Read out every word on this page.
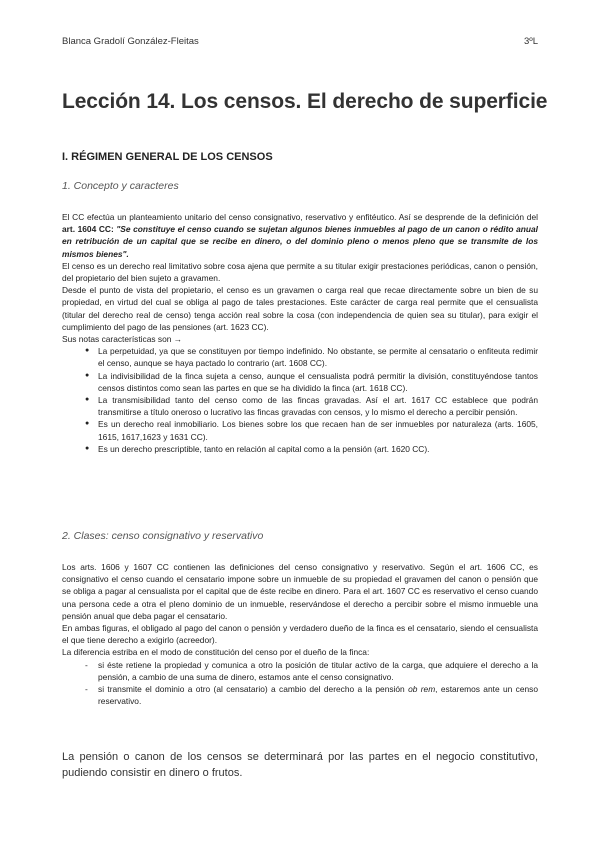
Blanca Gradolí González-Fleitas	3ºL
Lección 14. Los censos. El derecho de superficie
I. RÉGIMEN GENERAL DE LOS CENSOS
1. Concepto y caracteres

El CC efectúa un planteamiento unitario del censo consignativo, reservativo y enfitéutico. Así se desprende de la definición del art. 1604 CC: "Se constituye el censo cuando se sujetan algunos bienes inmuebles al pago de un canon o rédito anual en retribución de un capital que se recibe en dinero, o del dominio pleno o menos pleno que se transmite de los mismos bienes".

El censo es un derecho real limitativo sobre cosa ajena que permite a su titular exigir prestaciones periódicas, canon o pensión, del propietario del bien sujeto a gravamen.

Desde el punto de vista del propietario, el censo es un gravamen o carga real que recae directamente sobre un bien de su propiedad, en virtud del cual se obliga al pago de tales prestaciones. Este carácter de carga real permite que el censualista (titular del derecho real de censo) tenga acción real sobre la cosa (con independencia de quien sea su titular), para exigir el cumplimiento del pago de las pensiones (art. 1623 CC).

Sus notas características son →

● La perpetuidad, ya que se constituyen por tiempo indefinido. No obstante, se permite al censatario o enfiteuta redimir el censo, aunque se haya pactado lo contrario (art. 1608 CC).
● La indivisibilidad de la finca sujeta a censo, aunque el censualista podrá permitir la división, constituyéndose tantos censos distintos como sean las partes en que se ha dividido la finca (art. 1618 CC).
● La transmisibilidad tanto del censo como de las fincas gravadas. Así el art. 1617 CC establece que podrán transmitirse a título oneroso o lucrativo las fincas gravadas con censos, y lo mismo el derecho a percibir pensión.
● Es un derecho real inmobiliario. Los bienes sobre los que recaen han de ser inmuebles por naturaleza (arts. 1605, 1615, 1617,1623 y 1631 CC).
● Es un derecho prescriptible, tanto en relación al capital como a la pensión (art. 1620 CC).
2. Clases: censo consignativo y reservativo

Los arts. 1606 y 1607 CC contienen las definiciones del censo consignativo y reservativo. Según el art. 1606 CC, es consignativo el censo cuando el censatario impone sobre un inmueble de su propiedad el gravamen del canon o pensión que se obliga a pagar al censualista por el capital que de éste recibe en dinero. Para el art. 1607 CC es reservativo el censo cuando una persona cede a otra el pleno dominio de un inmueble, reservándose el derecho a percibir sobre el mismo inmueble una pensión anual que deba pagar el censatario.

En ambas figuras, el obligado al pago del canon o pensión y verdadero dueño de la finca es el censatario, siendo el censualista el que tiene derecho a exigirlo (acreedor).

La diferencia estriba en el modo de constitución del censo por el dueño de la finca:

- si éste retiene la propiedad y comunica a otro la posición de titular activo de la carga, que adquiere el derecho a la pensión, a cambio de una suma de dinero, estamos ante el censo consignativo.
- si transmite el dominio a otro (al censatario) a cambio del derecho a la pensión ob rem, estaremos ante un censo reservativo.

La pensión o canon de los censos se determinará por las partes en el negocio constitutivo, pudiendo consistir en dinero o frutos.
